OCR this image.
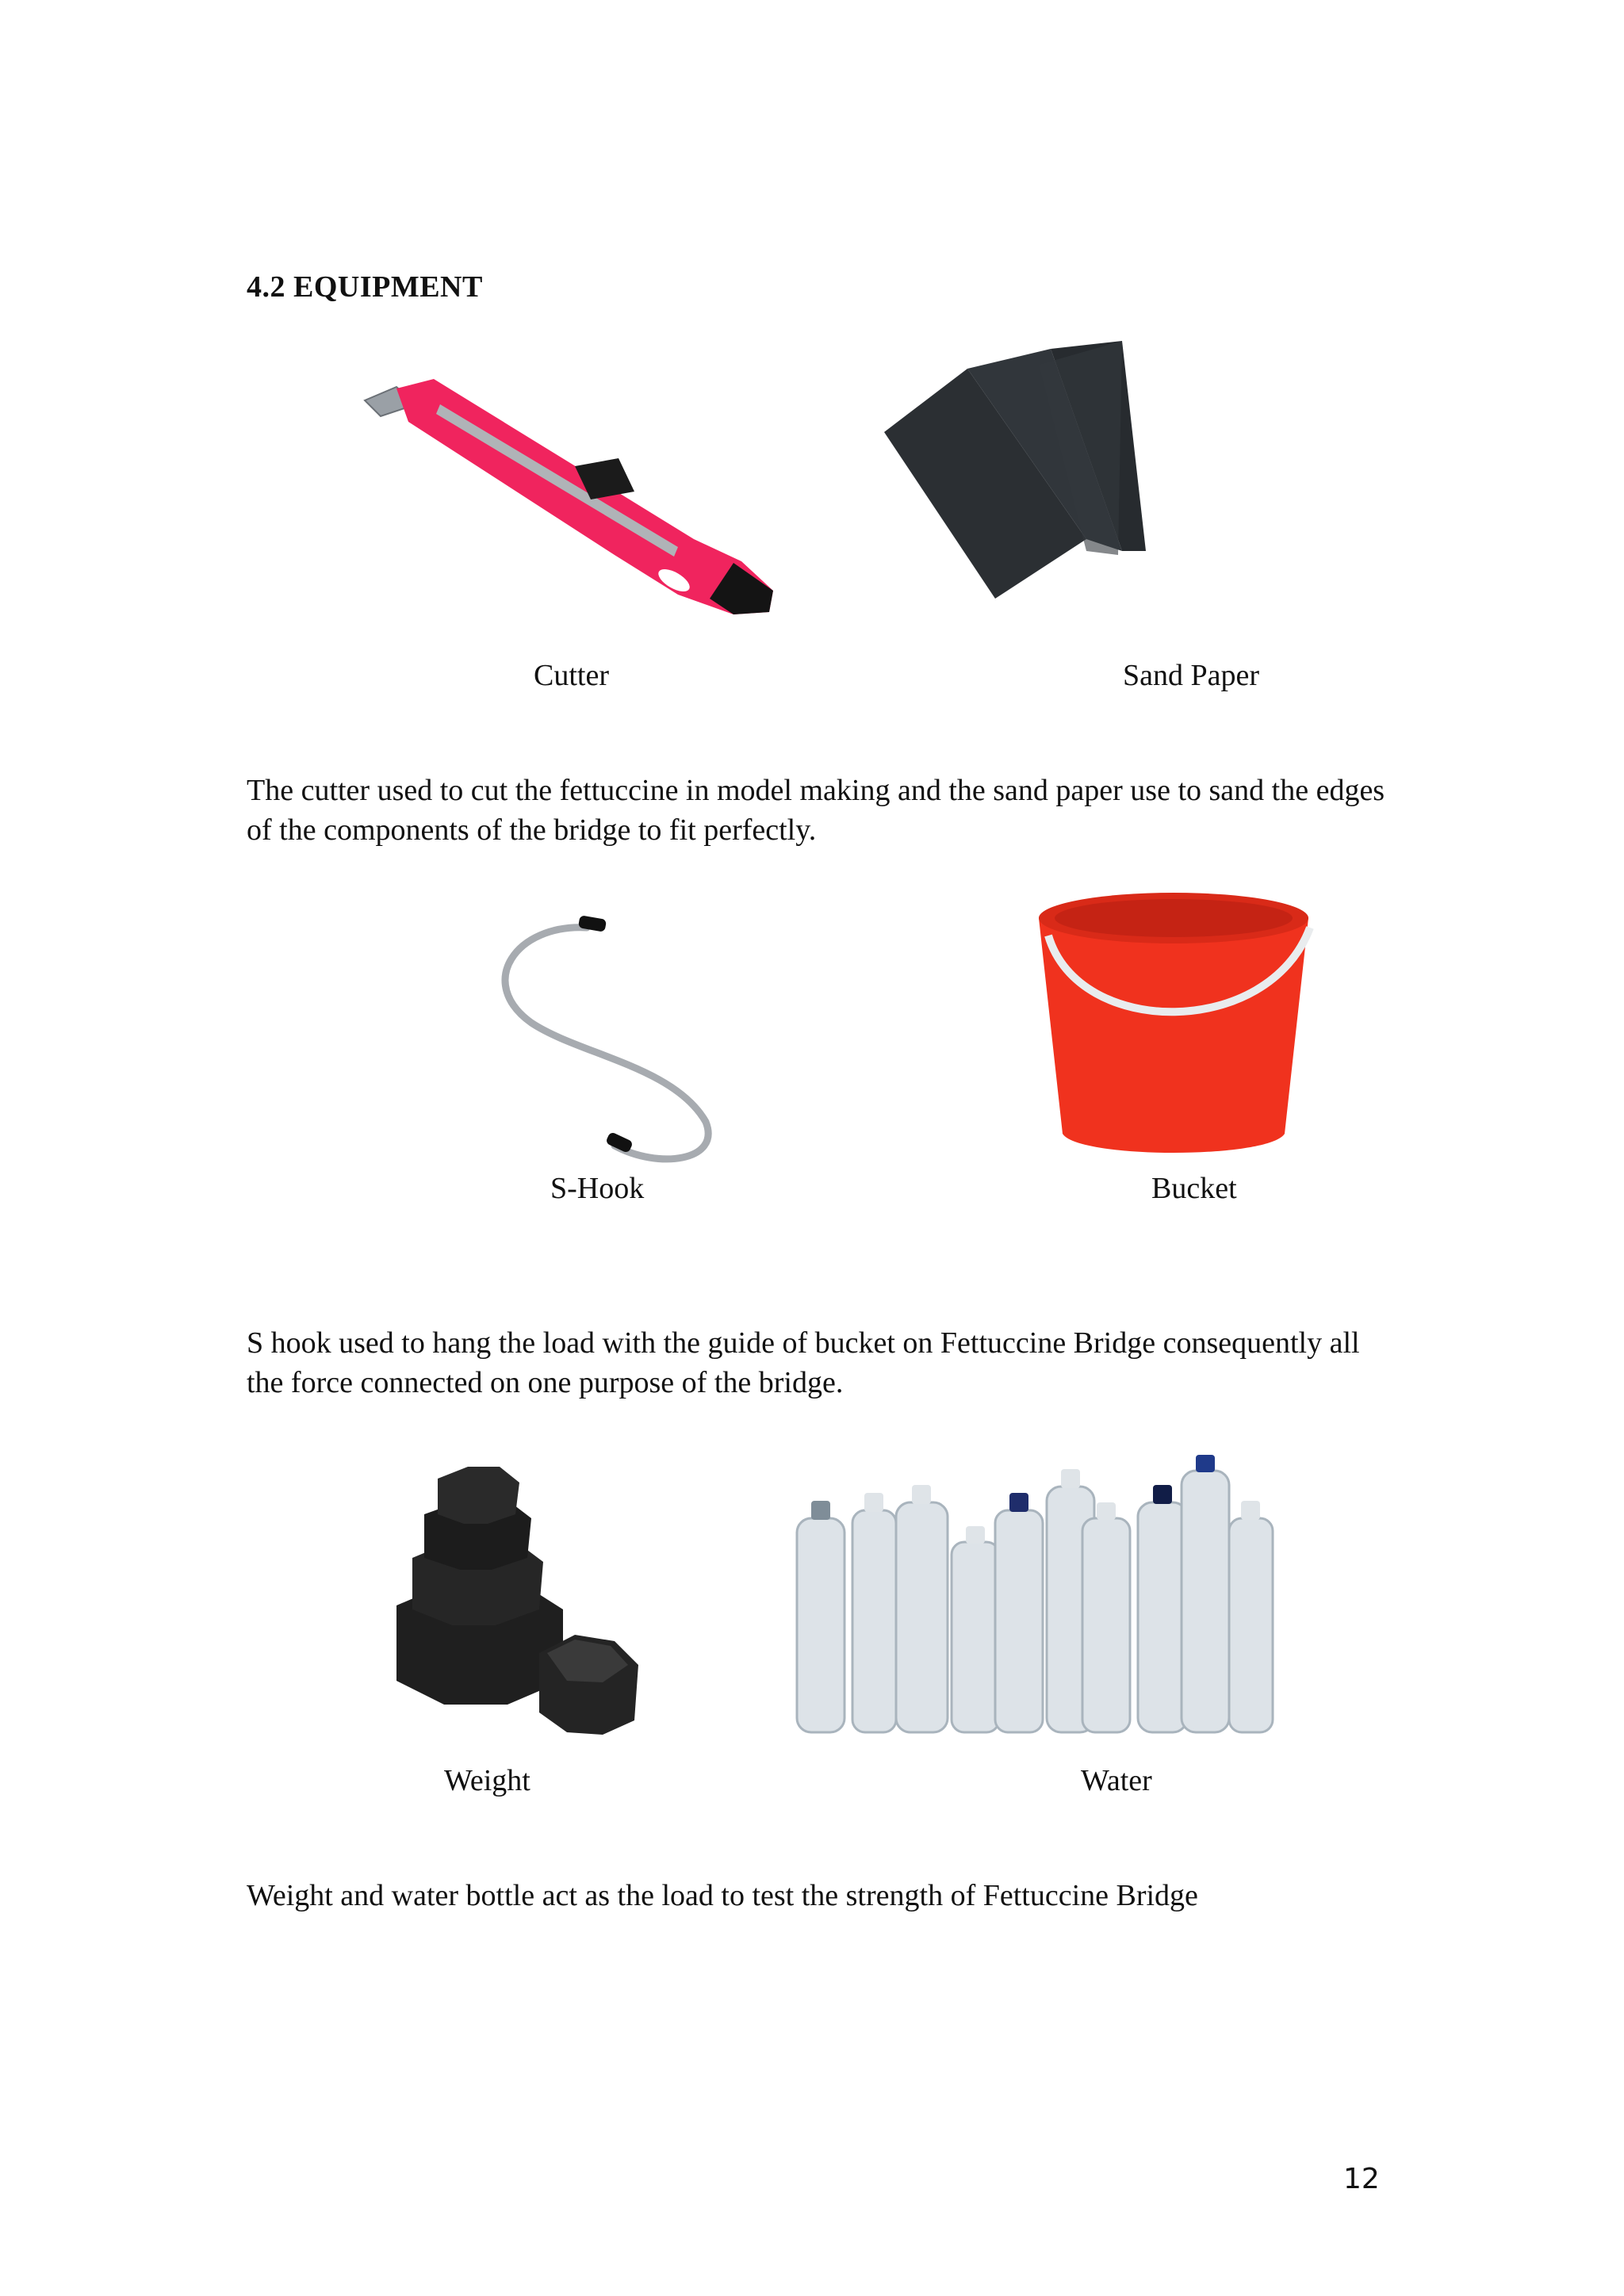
4.2 EQUIPMENT
Cutter	Sand Paper
The cutter used to cut the fettuccine in model making and the sand paper use to sand the edges of the components of the bridge to fit perfectly.
S-Hook	Bucket
S hook used to hang the load with the guide of bucket on Fettuccine Bridge consequently all the force connected on one purpose of the bridge.
Weight	Water
Weight and water bottle act as the load to test the strength of Fettuccine Bridge
12
